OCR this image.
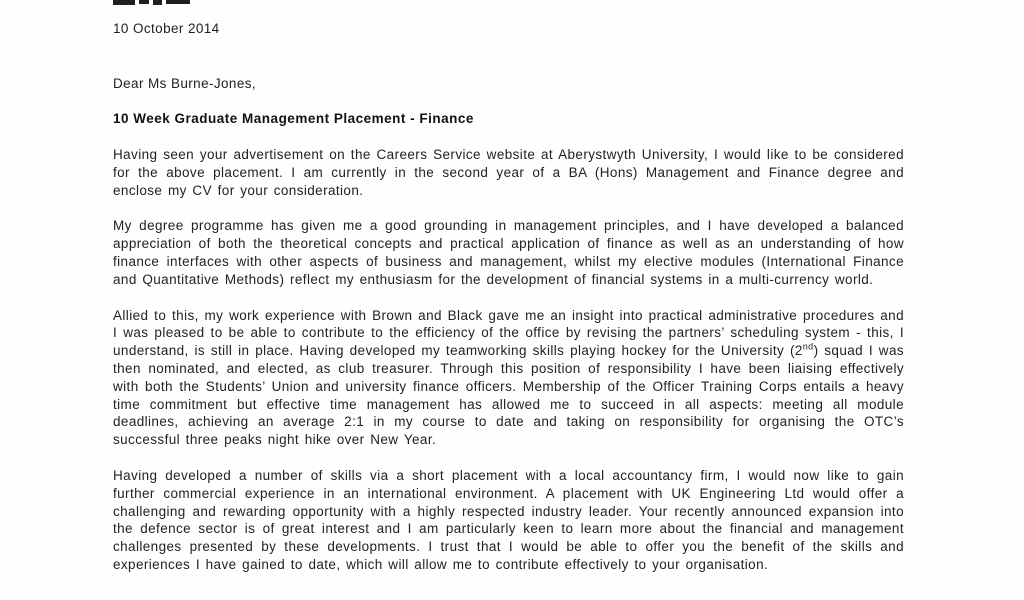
10 October 2014

Dear Ms Burne-Jones,

10 Week Graduate Management Placement - Finance

Having seen your advertisement on the Careers Service website at Aberystwyth University, I would like to be considered for the above placement. I am currently in the second year of a BA (Hons) Management and Finance degree and enclose my CV for your consideration.

My degree programme has given me a good grounding in management principles, and I have developed a balanced appreciation of both the theoretical concepts and practical application of finance as well as an understanding of how finance interfaces with other aspects of business and management, whilst my elective modules (International Finance and Quantitative Methods) reflect my enthusiasm for the development of financial systems in a multi-currency world.

Allied to this, my work experience with Brown and Black gave me an insight into practical administrative procedures and I was pleased to be able to contribute to the efficiency of the office by revising the partners’ scheduling system - this, I understand, is still in place. Having developed my teamworking skills playing hockey for the University (2nd) squad I was then nominated, and elected, as club treasurer. Through this position of responsibility I have been liaising effectively with both the Students’ Union and university finance officers. Membership of the Officer Training Corps entails a heavy time commitment but effective time management has allowed me to succeed in all aspects: meeting all module deadlines, achieving an average 2:1 in my course to date and taking on responsibility for organising the OTC’s successful three peaks night hike over New Year.

Having developed a number of skills via a short placement with a local accountancy firm, I would now like to gain further commercial experience in an international environment. A placement with UK Engineering Ltd would offer a challenging and rewarding opportunity with a highly respected industry leader. Your recently announced expansion into the defence sector is of great interest and I am particularly keen to learn more about the financial and management challenges presented by these developments. I trust that I would be able to offer you the benefit of the skills and experiences I have gained to date, which will allow me to contribute effectively to your organisation.
